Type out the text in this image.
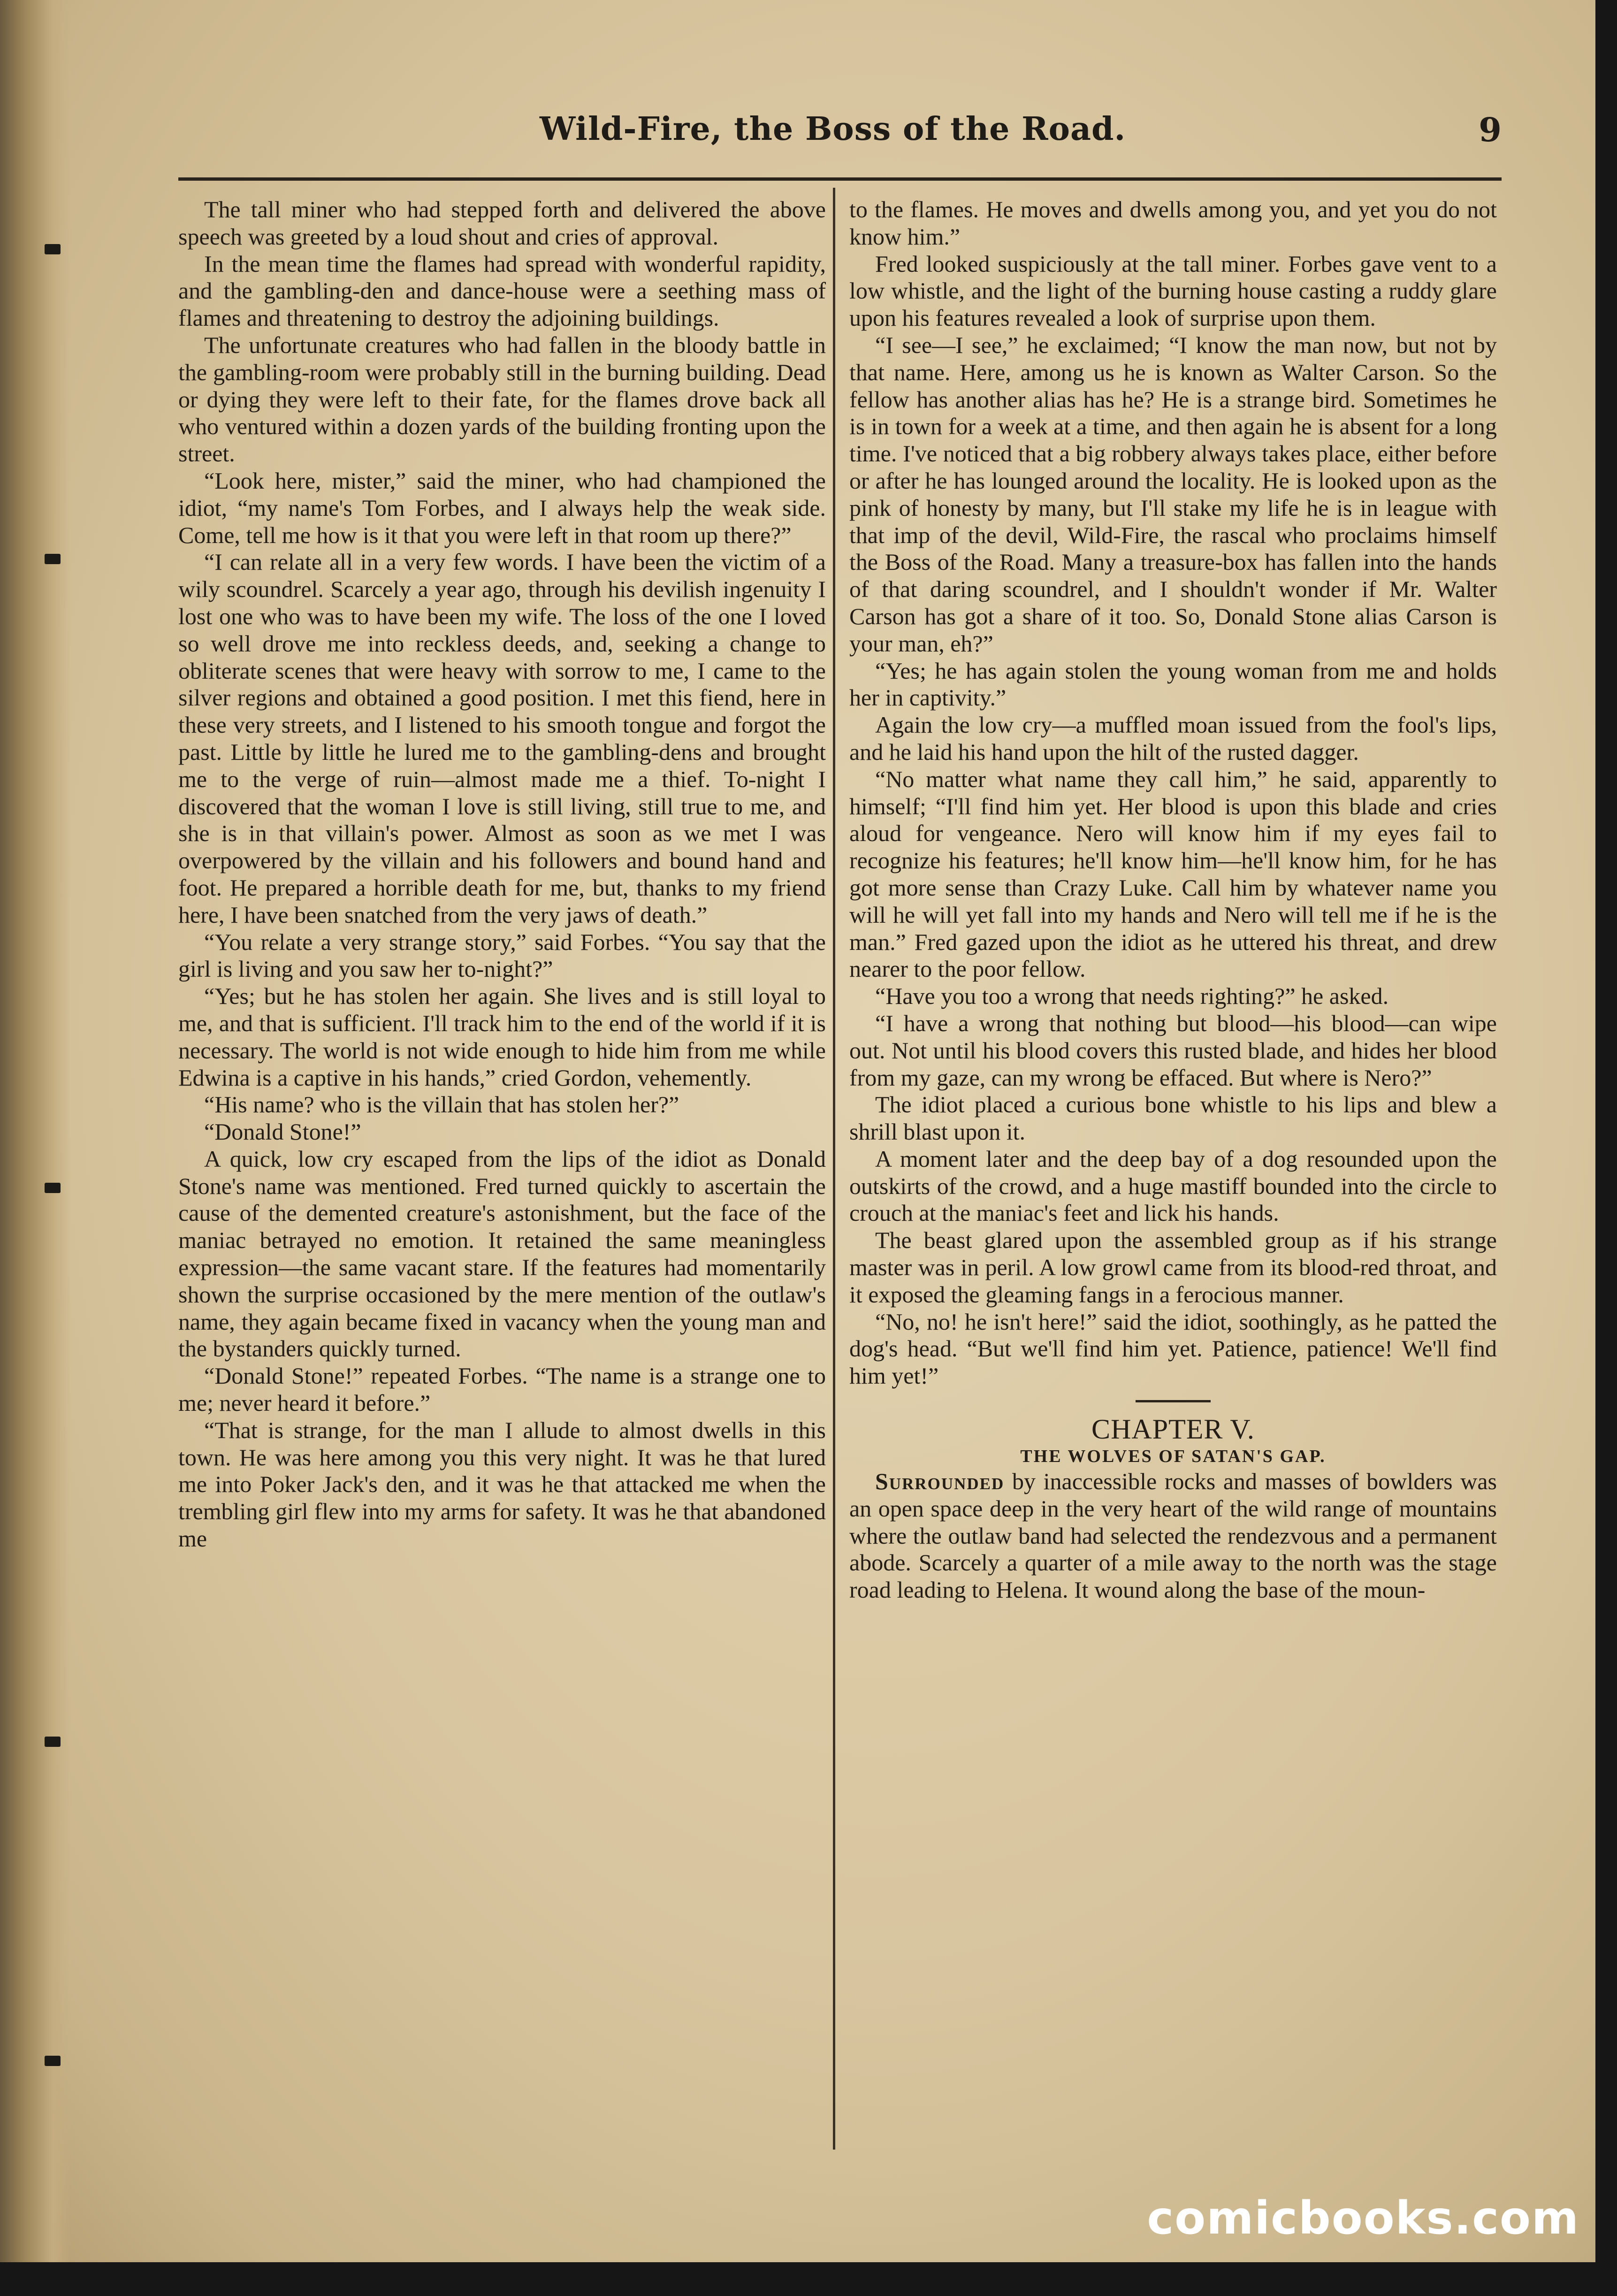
Wild-Fire, the Boss of the Road.	9

The tall miner who had stepped forth and delivered the above speech was greeted by a loud shout and cries of approval.

In the mean time the flames had spread with wonderful rapidity, and the gambling-den and dance-house were a seething mass of flames and threatening to destroy the adjoining buildings.

The unfortunate creatures who had fallen in the bloody battle in the gambling-room were probably still in the burning building. Dead or dying they were left to their fate, for the flames drove back all who ventured within a dozen yards of the building fronting upon the street.

“Look here, mister,” said the miner, who had championed the idiot, “my name's Tom Forbes, and I always help the weak side. Come, tell me how is it that you were left in that room up there?”

“I can relate all in a very few words. I have been the victim of a wily scoundrel. Scarcely a year ago, through his devilish ingenuity I lost one who was to have been my wife. The loss of the one I loved so well drove me into reckless deeds, and, seeking a change to obliterate scenes that were heavy with sorrow to me, I came to the silver regions and obtained a good position. I met this fiend, here in these very streets, and I listened to his smooth tongue and forgot the past. Little by little he lured me to the gambling-dens and brought me to the verge of ruin—almost made me a thief. To-night I discovered that the woman I love is still living, still true to me, and she is in that villain's power. Almost as soon as we met I was overpowered by the villain and his followers and bound hand and foot. He prepared a horrible death for me, but, thanks to my friend here, I have been snatched from the very jaws of death.”

“You relate a very strange story,” said Forbes. “You say that the girl is living and you saw her to-night?”

“Yes; but he has stolen her again. She lives and is still loyal to me, and that is sufficient. I'll track him to the end of the world if it is necessary. The world is not wide enough to hide him from me while Edwina is a captive in his hands,” cried Gordon, vehemently.

“His name? who is the villain that has stolen her?”

“Donald Stone!”

A quick, low cry escaped from the lips of the idiot as Donald Stone's name was mentioned. Fred turned quickly to ascertain the cause of the demented creature's astonishment, but the face of the maniac betrayed no emotion. It retained the same meaningless expression—the same vacant stare. If the features had momentarily shown the surprise occasioned by the mere mention of the outlaw's name, they again became fixed in vacancy when the young man and the bystanders quickly turned.

“Donald Stone!” repeated Forbes. “The name is a strange one to me; never heard it before.”

“That is strange, for the man I allude to almost dwells in this town. He was here among you this very night. It was he that lured me into Poker Jack's den, and it was he that attacked me when the trembling girl flew into my arms for safety. It was he that abandoned me

to the flames. He moves and dwells among you, and yet you do not know him.”

Fred looked suspiciously at the tall miner. Forbes gave vent to a low whistle, and the light of the burning house casting a ruddy glare upon his features revealed a look of surprise upon them.

“I see—I see,” he exclaimed; “I know the man now, but not by that name. Here, among us he is known as Walter Carson. So the fellow has another alias has he? He is a strange bird. Sometimes he is in town for a week at a time, and then again he is absent for a long time. I've noticed that a big robbery always takes place, either before or after he has lounged around the locality. He is looked upon as the pink of honesty by many, but I'll stake my life he is in league with that imp of the devil, Wild-Fire, the rascal who proclaims himself the Boss of the Road. Many a treasure-box has fallen into the hands of that daring scoundrel, and I shouldn't wonder if Mr. Walter Carson has got a share of it too. So, Donald Stone alias Carson is your man, eh?”

“Yes; he has again stolen the young woman from me and holds her in captivity.”

Again the low cry—a muffled moan issued from the fool's lips, and he laid his hand upon the hilt of the rusted dagger.

“No matter what name they call him,” he said, apparently to himself; “I'll find him yet. Her blood is upon this blade and cries aloud for vengeance. Nero will know him if my eyes fail to recognize his features; he'll know him—he'll know him, for he has got more sense than Crazy Luke. Call him by whatever name you will he will yet fall into my hands and Nero will tell me if he is the man.” Fred gazed upon the idiot as he uttered his threat, and drew nearer to the poor fellow.

“Have you too a wrong that needs righting?” he asked.

“I have a wrong that nothing but blood—his blood—can wipe out. Not until his blood covers this rusted blade, and hides her blood from my gaze, can my wrong be effaced. But where is Nero?”

The idiot placed a curious bone whistle to his lips and blew a shrill blast upon it.

A moment later and the deep bay of a dog resounded upon the outskirts of the crowd, and a huge mastiff bounded into the circle to crouch at the maniac's feet and lick his hands.

The beast glared upon the assembled group as if his strange master was in peril. A low growl came from its blood-red throat, and it exposed the gleaming fangs in a ferocious manner.

“No, no! he isn't here!” said the idiot, soothingly, as he patted the dog's head. “But we'll find him yet. Patience, patience! We'll find him yet!”

CHAPTER V.
THE WOLVES OF SATAN'S GAP.

Surrounded by inaccessible rocks and masses of bowlders was an open space deep in the very heart of the wild range of mountains where the outlaw band had selected the rendezvous and a permanent abode. Scarcely a quarter of a mile away to the north was the stage road leading to Helena. It wound along the base of the moun-

comicbooks.com
